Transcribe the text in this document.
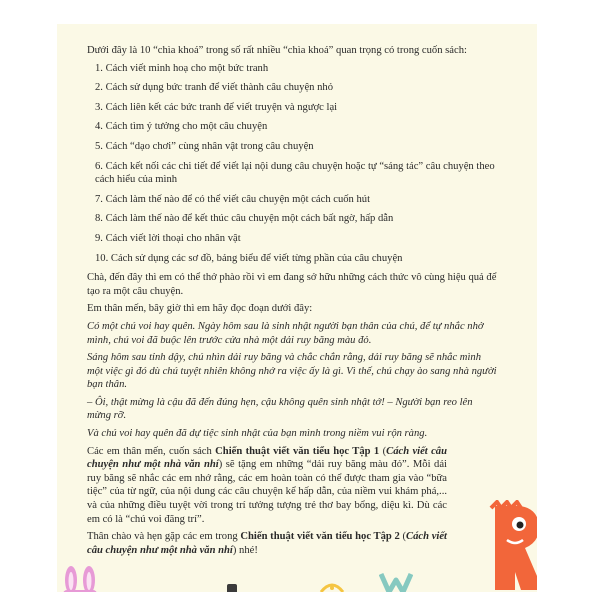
Dưới đây là 10 “chìa khoá” trong số rất nhiều “chìa khoá” quan trọng có trong cuốn sách:

1. Cách viết minh hoạ cho một bức tranh

2. Cách sử dụng bức tranh để viết thành câu chuyện nhỏ

3. Cách liên kết các bức tranh để viết truyện và ngược lại

4. Cách tìm ý tưởng cho một câu chuyện

5. Cách “dạo chơi” cùng nhân vật trong câu chuyện

6. Cách kết nối các chi tiết để viết lại nội dung câu chuyện hoặc tự “sáng tác” câu chuyện theo cách hiểu của mình

7. Cách làm thế nào để có thể viết câu chuyện một cách cuốn hút

8. Cách làm thế nào để kết thúc câu chuyện một cách bất ngờ, hấp dẫn

9. Cách viết lời thoại cho nhân vật

10. Cách sử dụng các sơ đồ, bảng biểu để viết từng phần của câu chuyện

Chà, đến đây thì em có thể thở phào rồi vì em đang sở hữu những cách thức vô cùng hiệu quả để tạo ra một câu chuyện.

Em thân mến, bây giờ thì em hãy đọc đoạn dưới đây:

Có một chú voi hay quên. Ngày hôm sau là sinh nhật người bạn thân của chú, để tự nhắc nhở mình, chú voi đã buộc lên trước cửa nhà một dải ruy băng màu đỏ.

Sáng hôm sau tỉnh dậy, chú nhìn dải ruy băng và chắc chắn rằng, dải ruy băng sẽ nhắc mình một việc gì đó dù chú tuyệt nhiên không nhớ ra việc ấy là gì. Vì thế, chú chạy ào sang nhà người bạn thân.

– Ôi, thật mừng là cậu đã đến đúng hẹn, cậu không quên sinh nhật tớ! – Người bạn reo lên mừng rỡ.

Và chú voi hay quên đã dự tiệc sinh nhật của bạn mình trong niềm vui rộn ràng.

Các em thân mến, cuốn sách Chiến thuật viết văn tiểu học Tập 1 (Cách viết câu chuyện như một nhà văn nhí) sẽ tặng em những “dải ruy băng màu đỏ”. Mỗi dải ruy băng sẽ nhắc các em nhớ rằng, các em hoàn toàn có thể được tham gia vào “bữa tiệc” của từ ngữ, của nội dung các câu chuyện kể hấp dẫn, của niềm vui khám phá,... và của những điều tuyệt vời trong trí tưởng tượng trẻ thơ bay bổng, diệu kì. Dù các em có là “chú voi đãng trí”.

Thân chào và hẹn gặp các em trong Chiến thuật viết văn tiểu học Tập 2 (Cách viết câu chuyện như một nhà văn nhí) nhé!
